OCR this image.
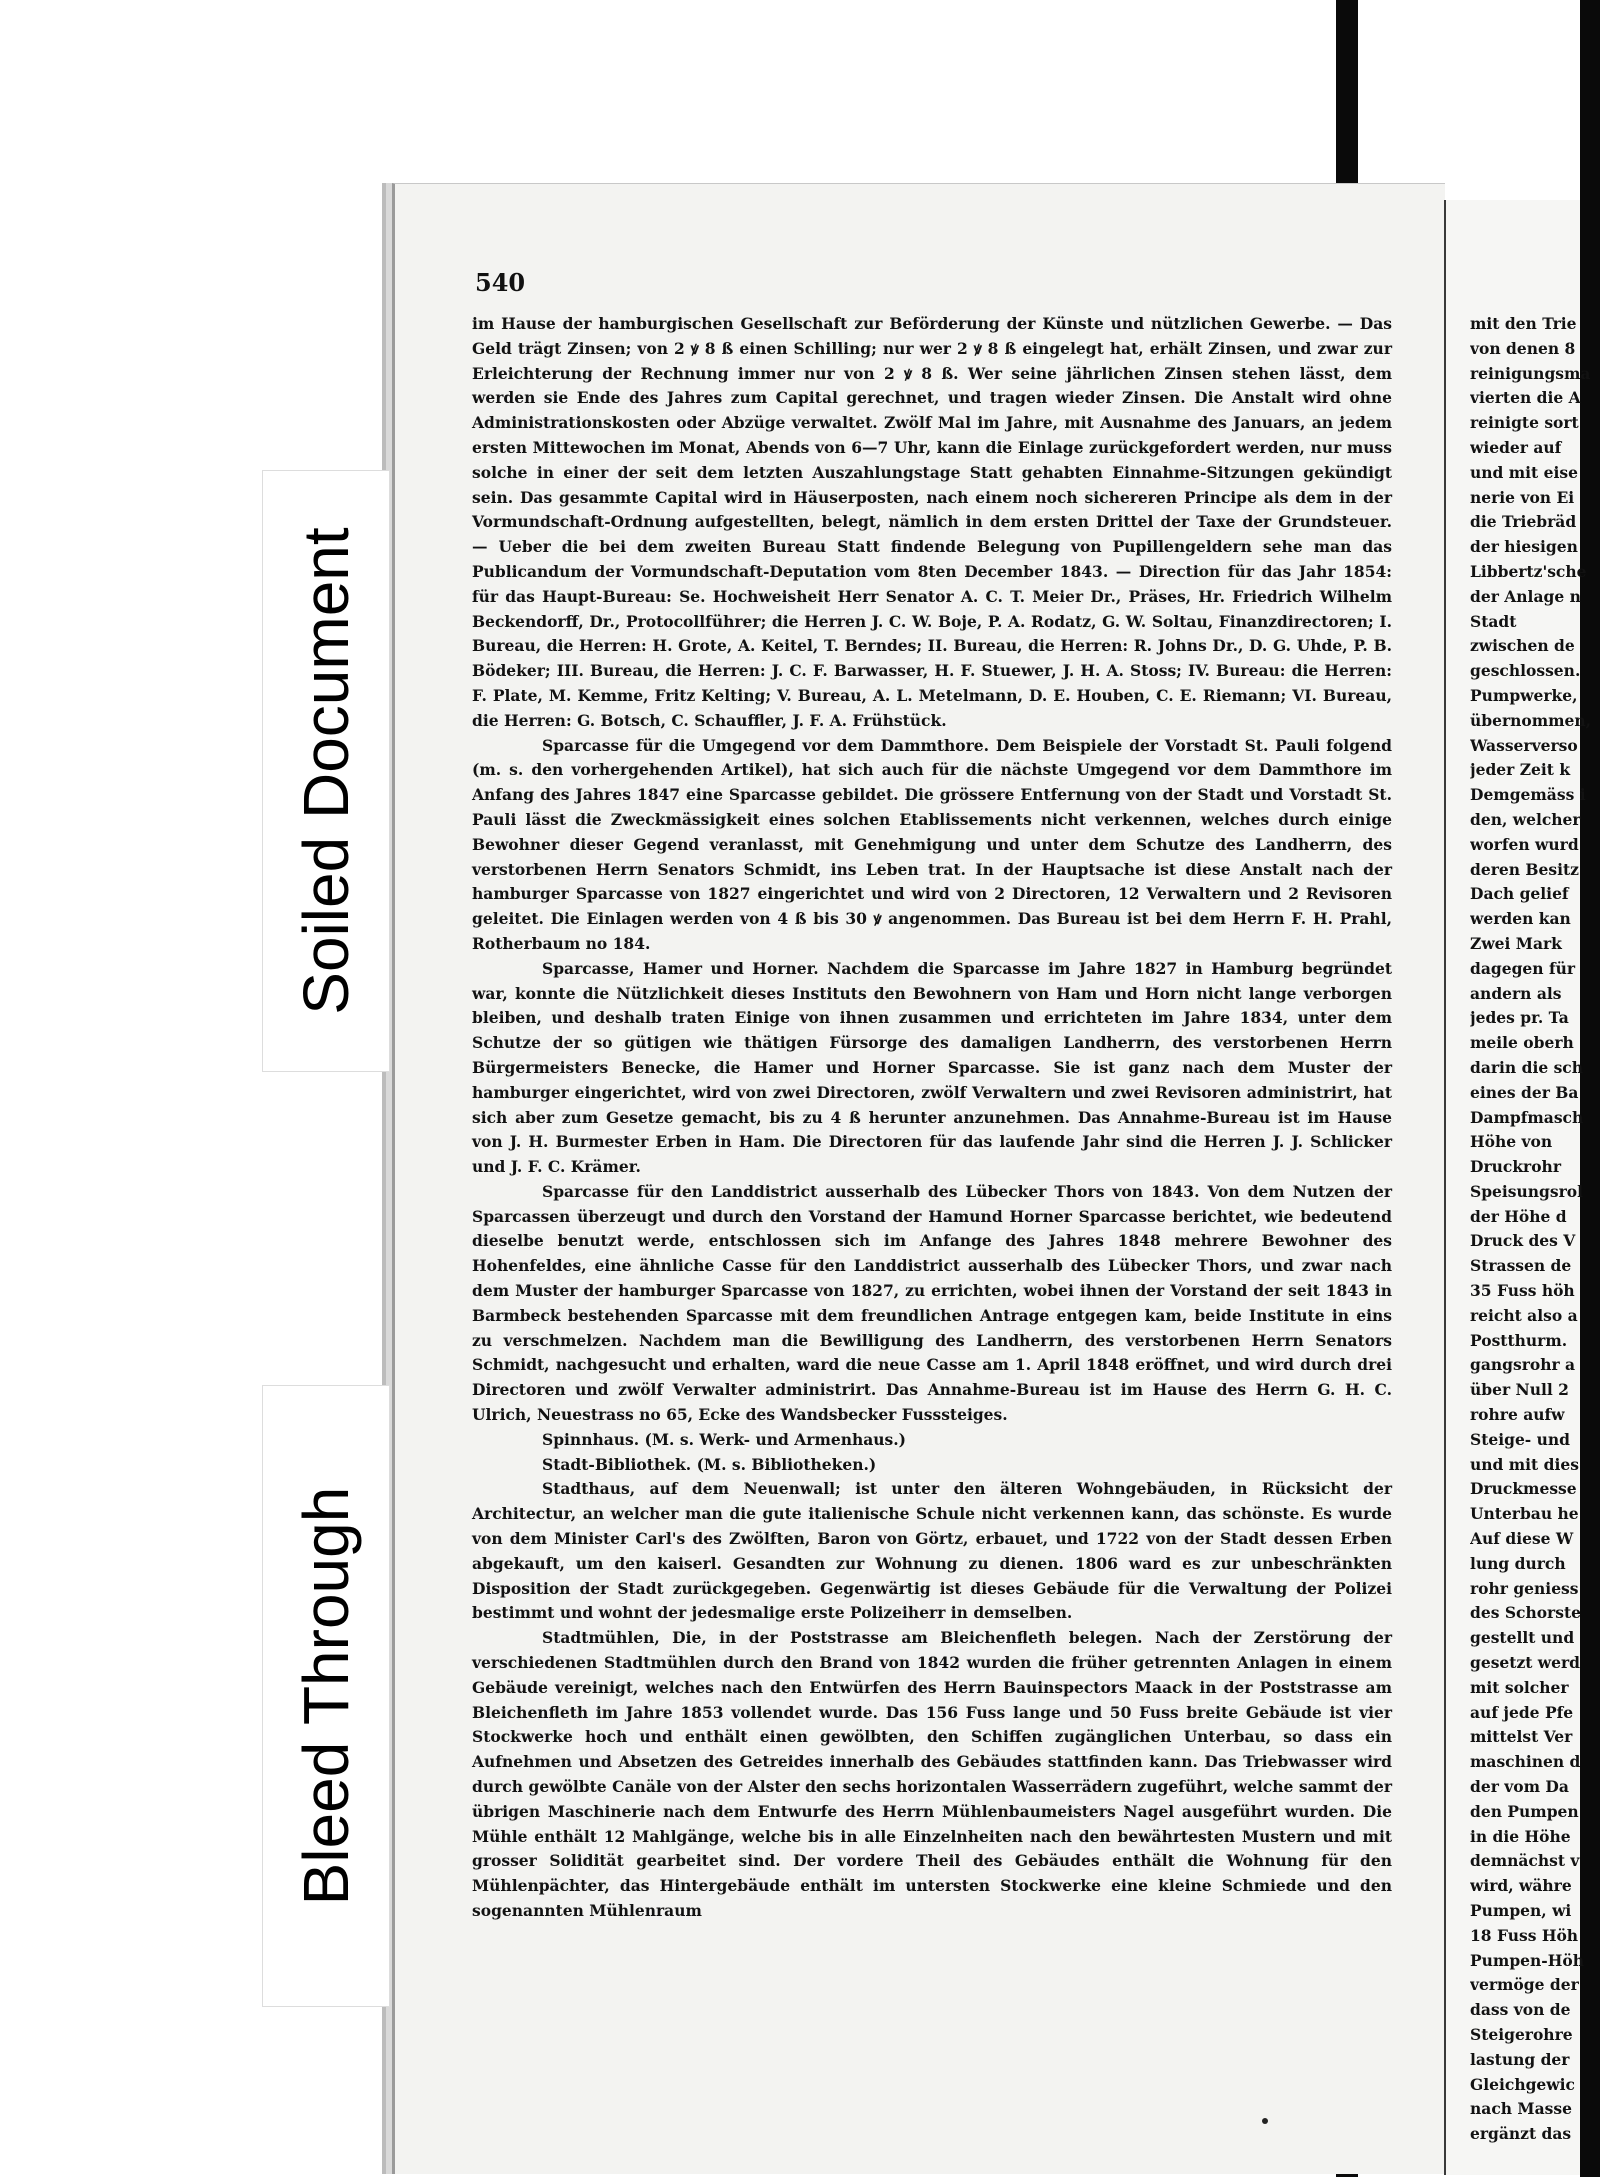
540

im Hause der hamburgischen Gesellschaft zur Beförderung der Künste und nützlichen Gewerbe. — Das Geld trägt Zinsen; von 2 ꝟ 8 ß einen Schilling; nur wer 2 ꝟ 8 ß eingelegt hat, erhält Zinsen, und zwar zur Erleichterung der Rechnung immer nur von 2 ꝟ 8 ß. Wer seine jährlichen Zinsen stehen lässt, dem werden sie Ende des Jahres zum Capital gerechnet, und tragen wieder Zinsen. Die Anstalt wird ohne Administrationskosten oder Abzüge verwaltet. Zwölf Mal im Jahre, mit Ausnahme des Januars, an jedem ersten Mittewochen im Monat, Abends von 6—7 Uhr, kann die Einlage zurückgefordert werden, nur muss solche in einer der seit dem letzten Auszahlungstage Statt gehabten Einnahme-Sitzungen gekündigt sein. Das gesammte Capital wird in Häuserposten, nach einem noch sichereren Principe als dem in der Vormundschaft-Ordnung aufgestellten, belegt, nämlich in dem ersten Drittel der Taxe der Grundsteuer. — Ueber die bei dem zweiten Bureau Statt findende Belegung von Pupillengeldern sehe man das Publicandum der Vormundschaft-Deputation vom 8ten December 1843. — Direction für das Jahr 1854: für das Haupt-Bureau: Se. Hochweisheit Herr Senator A. C. T. Meier Dr., Präses, Hr. Friedrich Wilhelm Beckendorff, Dr., Protocollführer; die Herren J. C. W. Boje, P. A. Rodatz, G. W. Soltau, Finanzdirectoren; I. Bureau, die Herren: H. Grote, A. Keitel, T. Berndes; II. Bureau, die Herren: R. Johns Dr., D. G. Uhde, P. B. Bödeker; III. Bureau, die Herren: J. C. F. Barwasser, H. F. Stuewer, J. H. A. Stoss; IV. Bureau: die Herren: F. Plate, M. Kemme, Fritz Kelting; V. Bureau, A. L. Metelmann, D. E. Houben, C. E. Riemann; VI. Bureau, die Herren: G. Botsch, C. Schauffler, J. F. A. Frühstück.

Sparcasse für die Umgegend vor dem Dammthore. Dem Beispiele der Vorstadt St. Pauli folgend (m. s. den vorhergehenden Artikel), hat sich auch für die nächste Umgegend vor dem Dammthore im Anfang des Jahres 1847 eine Sparcasse gebildet. Die grössere Entfernung von der Stadt und Vorstadt St. Pauli lässt die Zweckmässigkeit eines solchen Etablissements nicht verkennen, welches durch einige Bewohner dieser Gegend veranlasst, mit Genehmigung und unter dem Schutze des Landherrn, des verstorbenen Herrn Senators Schmidt, ins Leben trat. In der Hauptsache ist diese Anstalt nach der hamburger Sparcasse von 1827 eingerichtet und wird von 2 Directoren, 12 Verwaltern und 2 Revisoren geleitet. Die Einlagen werden von 4 ß bis 30 ꝟ angenommen. Das Bureau ist bei dem Herrn F. H. Prahl, Rotherbaum no 184.

Sparcasse, Hamer und Horner. Nachdem die Sparcasse im Jahre 1827 in Hamburg begründet war, konnte die Nützlichkeit dieses Instituts den Bewohnern von Ham und Horn nicht lange verborgen bleiben, und deshalb traten Einige von ihnen zusammen und errichteten im Jahre 1834, unter dem Schutze der so gütigen wie thätigen Fürsorge des damaligen Landherrn, des verstorbenen Herrn Bürgermeisters Benecke, die Hamer und Horner Sparcasse. Sie ist ganz nach dem Muster der hamburger eingerichtet, wird von zwei Directoren, zwölf Verwaltern und zwei Revisoren administrirt, hat sich aber zum Gesetze gemacht, bis zu 4 ß herunter anzunehmen. Das Annahme-Bureau ist im Hause von J. H. Burmester Erben in Ham. Die Directoren für das laufende Jahr sind die Herren J. J. Schlicker und J. F. C. Krämer.

Sparcasse für den Landdistrict ausserhalb des Lübecker Thors von 1843. Von dem Nutzen der Sparcassen überzeugt und durch den Vorstand der Hamund Horner Sparcasse berichtet, wie bedeutend dieselbe benutzt werde, entschlossen sich im Anfange des Jahres 1848 mehrere Bewohner des Hohenfeldes, eine ähnliche Casse für den Landdistrict ausserhalb des Lübecker Thors, und zwar nach dem Muster der hamburger Sparcasse von 1827, zu errichten, wobei ihnen der Vorstand der seit 1843 in Barmbeck bestehenden Sparcasse mit dem freundlichen Antrage entgegen kam, beide Institute in eins zu verschmelzen. Nachdem man die Bewilligung des Landherrn, des verstorbenen Herrn Senators Schmidt, nachgesucht und erhalten, ward die neue Casse am 1. April 1848 eröffnet, und wird durch drei Directoren und zwölf Verwalter administrirt. Das Annahme-Bureau ist im Hause des Herrn G. H. C. Ulrich, Neuestrass no 65, Ecke des Wandsbecker Fusssteiges.

Spinnhaus. (M. s. Werk- und Armenhaus.)

Stadt-Bibliothek. (M. s. Bibliotheken.)

Stadthaus, auf dem Neuenwall; ist unter den älteren Wohngebäuden, in Rücksicht der Architectur, an welcher man die gute italienische Schule nicht verkennen kann, das schönste. Es wurde von dem Minister Carl's des Zwölften, Baron von Görtz, erbauet, und 1722 von der Stadt dessen Erben abgekauft, um den kaiserl. Gesandten zur Wohnung zu dienen. 1806 ward es zur unbeschränkten Disposition der Stadt zurückgegeben. Gegenwärtig ist dieses Gebäude für die Verwaltung der Polizei bestimmt und wohnt der jedesmalige erste Polizeiherr in demselben.

Stadtmühlen, Die, in der Poststrasse am Bleichenfleth belegen. Nach der Zerstörung der verschiedenen Stadtmühlen durch den Brand von 1842 wurden die früher getrennten Anlagen in einem Gebäude vereinigt, welches nach den Entwürfen des Herrn Bauinspectors Maack in der Poststrasse am Bleichenfleth im Jahre 1853 vollendet wurde. Das 156 Fuss lange und 50 Fuss breite Gebäude ist vier Stockwerke hoch und enthält einen gewölbten, den Schiffen zugänglichen Unterbau, so dass ein Aufnehmen und Absetzen des Getreides innerhalb des Gebäudes stattfinden kann. Das Triebwasser wird durch gewölbte Canäle von der Alster den sechs horizontalen Wasserrädern zugeführt, welche sammt der übrigen Maschinerie nach dem Entwurfe des Herrn Mühlenbaumeisters Nagel ausgeführt wurden. Die Mühle enthält 12 Mahlgänge, welche bis in alle Einzelnheiten nach den bewährtesten Mustern und mit grosser Solidität gearbeitet sind. Der vordere Theil des Gebäudes enthält die Wohnung für den Mühlenpächter, das Hintergebäude enthält im untersten Stockwerke eine kleine Schmiede und den sogenannten Mühlenraum

mit den Trie
von denen 8
reinigungsma
vierten die A
reinigte sort
wieder auf
und mit eise
nerie von Ei
die Triebräd
der hiesigen
Libbertz'sche
der Anlage n
Stadt
zwischen de
geschlossen.
Pumpwerke,
übernommen,
Wasserverso
jeder Zeit k
Demgemäss i
den, welcher
worfen wurd
deren Besitz
Dach gelief
werden kan
Zwei Mark
dagegen für
andern als
jedes pr. Ta
meile oberh
darin die sch
eines der Ba
Dampfmasch
Höhe von
Druckrohr
Speisungsrol
der Höhe d
Druck des V
Strassen de
35 Fuss höh
reicht also a
Postthurm.
gangsrohr a
über Null 2
rohre aufw
Steige- und
und mit dies
Druckmesse
Unterbau he
Auf diese W
lung durch
rohr geniess
des Schorste
gestellt und
gesetzt werd
mit solcher
auf jede Pfe
mittelst Ver
maschinen d
der vom Da
den Pumpen
in die Höhe
demnächst v
wird, währe
Pumpen, wi
18 Fuss Höh
Pumpen-Höh
vermöge der
dass von de
Steigerohre
lastung der
Gleichgewic
nach Masse
ergänzt das
Soiled Document
Bleed Through
